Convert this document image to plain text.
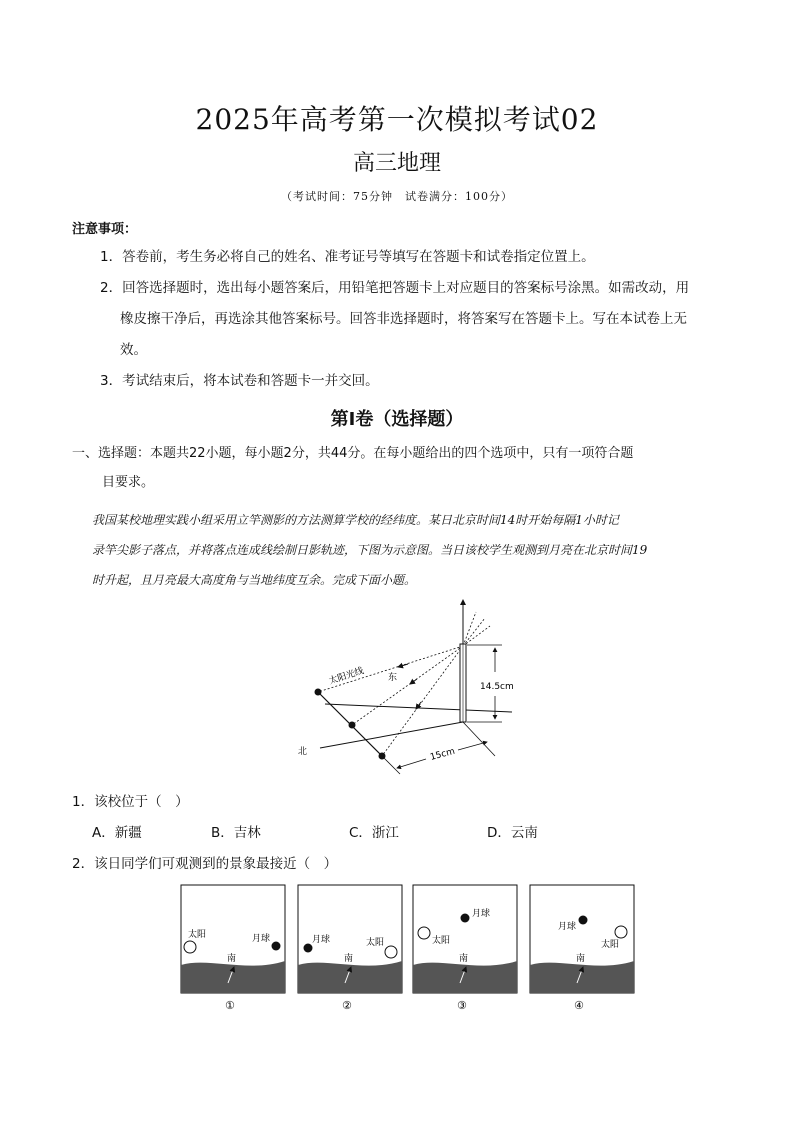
2025年高考第一次模拟考试02
高三地理
（考试时间：75分钟　试卷满分：100分）
注意事项：
1．答卷前，考生务必将自己的姓名、准考证号等填写在答题卡和试卷指定位置上。
2．回答选择题时，选出每小题答案后，用铅笔把答题卡上对应题目的答案标号涂黑。如需改动，用
橡皮擦干净后，再选涂其他答案标号。回答非选择题时，将答案写在答题卡上。写在本试卷上无
效。
3．考试结束后，将本试卷和答题卡一并交回。
第Ⅰ卷（选择题）
一、选择题：本题共22小题，每小题2分，共44分。在每小题给出的四个选项中，只有一项符合题
目要求。
我国某校地理实践小组采用立竿测影的方法测算学校的经纬度。某日北京时间14时开始每隔1小时记
录竿尖影子落点，并将落点连成线绘制日影轨迹，下图为示意图。当日该校学生观测到月亮在北京时间19
时升起，且月亮最大高度角与当地纬度互余。完成下面小题。
14.5cm
15cm
太阳光线	东
北
1．该校位于（　）
A．新疆	B．吉林	C．浙江	D．云南
2．该日同学们可观测到的景象最接近（　）
太阳	月球
南
①
月球	太阳
南
②
太阳
月球
南
③
月球
太阳
南
④
